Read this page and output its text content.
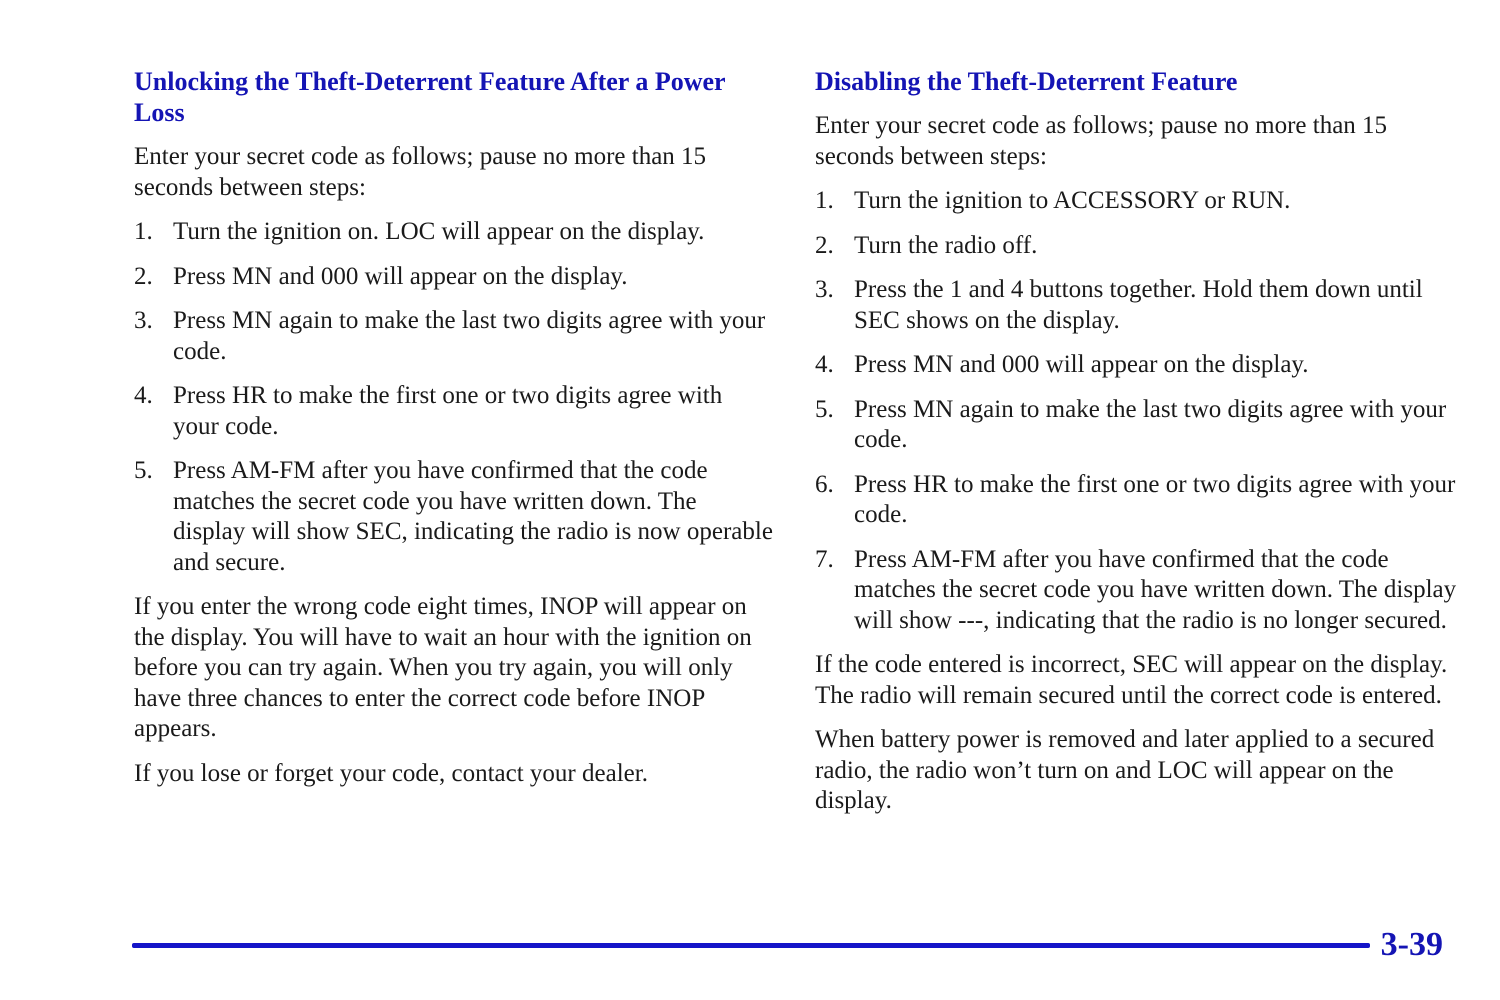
Unlocking the Theft-Deterrent Feature After a Power Loss
Enter your secret code as follows; pause no more than 15 seconds between steps:
1. Turn the ignition on. LOC will appear on the display.
2. Press MN and 000 will appear on the display.
3. Press MN again to make the last two digits agree with your code.
4. Press HR to make the first one or two digits agree with your code.
5. Press AM-FM after you have confirmed that the code matches the secret code you have written down. The display will show SEC, indicating the radio is now operable and secure.
If you enter the wrong code eight times, INOP will appear on the display. You will have to wait an hour with the ignition on before you can try again. When you try again, you will only have three chances to enter the correct code before INOP appears.
If you lose or forget your code, contact your dealer.
Disabling the Theft-Deterrent Feature
Enter your secret code as follows; pause no more than 15 seconds between steps:
1. Turn the ignition to ACCESSORY or RUN.
2. Turn the radio off.
3. Press the 1 and 4 buttons together. Hold them down until SEC shows on the display.
4. Press MN and 000 will appear on the display.
5. Press MN again to make the last two digits agree with your code.
6. Press HR to make the first one or two digits agree with your code.
7. Press AM-FM after you have confirmed that the code matches the secret code you have written down. The display will show ---, indicating that the radio is no longer secured.
If the code entered is incorrect, SEC will appear on the display. The radio will remain secured until the correct code is entered.
When battery power is removed and later applied to a secured radio, the radio won’t turn on and LOC will appear on the display.
3-39
